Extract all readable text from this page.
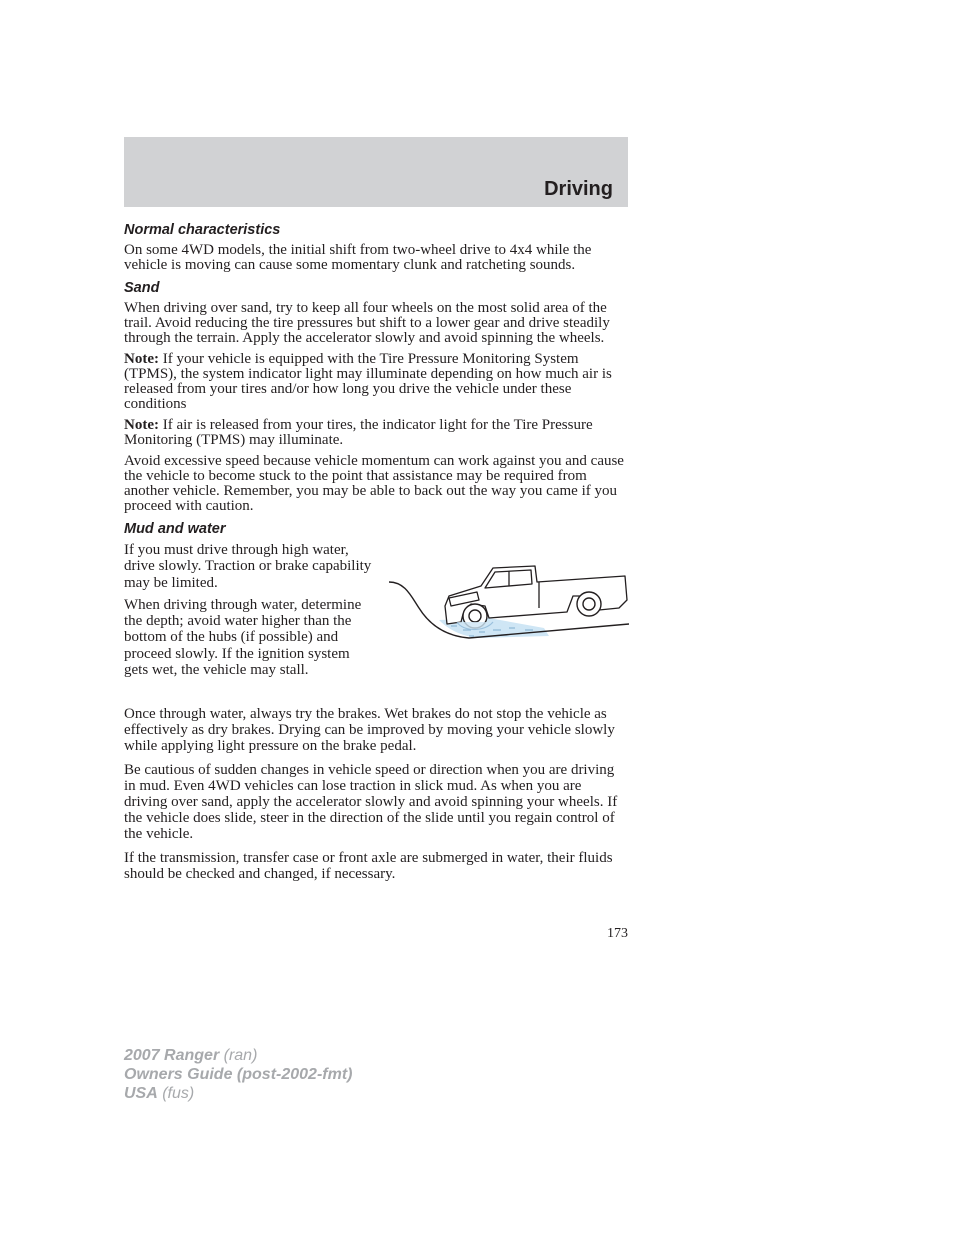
Driving
Normal characteristics

On some 4WD models, the initial shift from two-wheel drive to 4x4 while the vehicle is moving can cause some momentary clunk and ratcheting sounds.

Sand

When driving over sand, try to keep all four wheels on the most solid area of the trail. Avoid reducing the tire pressures but shift to a lower gear and drive steadily through the terrain. Apply the accelerator slowly and avoid spinning the wheels.

Note: If your vehicle is equipped with the Tire Pressure Monitoring System (TPMS), the system indicator light may illuminate depending on how much air is released from your tires and/or how long you drive the vehicle under these conditions

Note: If air is released from your tires, the indicator light for the Tire Pressure Monitoring (TPMS) may illuminate.

Avoid excessive speed because vehicle momentum can work against you and cause the vehicle to become stuck to the point that assistance may be required from another vehicle. Remember, you may be able to back out the way you came if you proceed with caution.

Mud and water

If you must drive through high water, drive slowly. Traction or brake capability may be limited.

When driving through water, determine the depth; avoid water higher than the bottom of the hubs (if possible) and proceed slowly. If the ignition system gets wet, the vehicle may stall.

Once through water, always try the brakes. Wet brakes do not stop the vehicle as effectively as dry brakes. Drying can be improved by moving your vehicle slowly while applying light pressure on the brake pedal.

Be cautious of sudden changes in vehicle speed or direction when you are driving in mud. Even 4WD vehicles can lose traction in slick mud. As when you are driving over sand, apply the accelerator slowly and avoid spinning your wheels. If the vehicle does slide, steer in the direction of the slide until you regain control of the vehicle.

If the transmission, transfer case or front axle are submerged in water, their fluids should be checked and changed, if necessary.

173
2007 Ranger (ran)
Owners Guide (post-2002-fmt)
USA (fus)
